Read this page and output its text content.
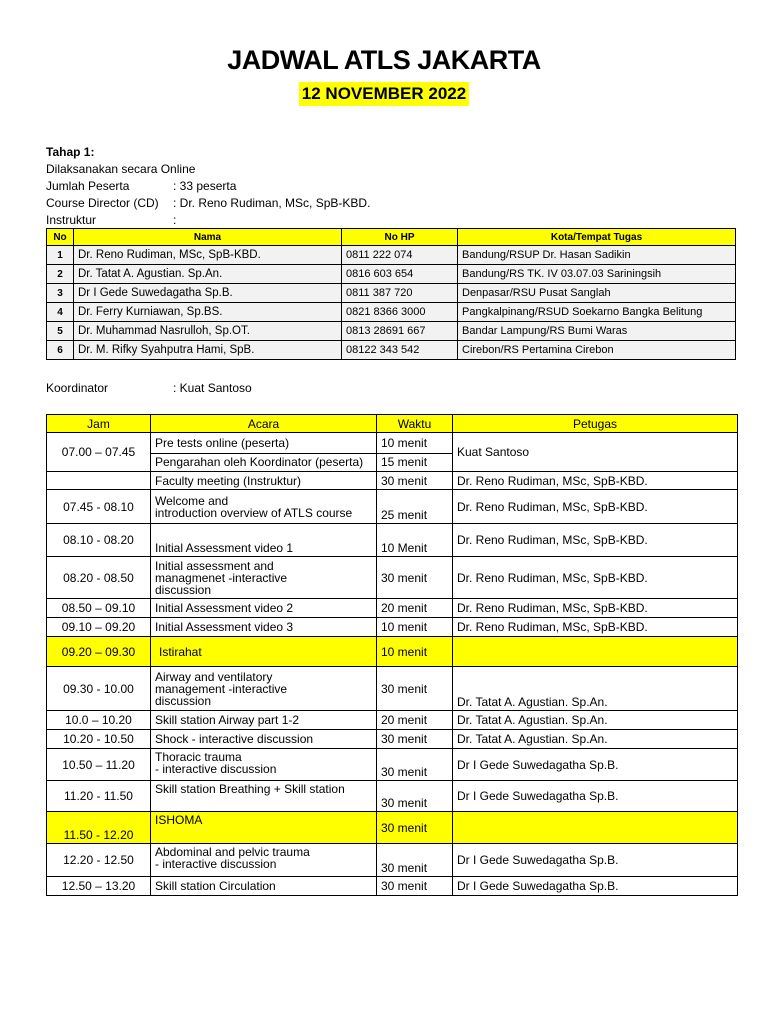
JADWAL ATLS JAKARTA
12 NOVEMBER 2022
Tahap 1:
Dilaksanakan secara Online
Jumlah Peserta	: 33 peserta
Course Director (CD)	: Dr. Reno Rudiman, MSc, SpB-KBD.
Instruktur	:
No	Nama	No HP	Kota/Tempat Tugas
1	Dr. Reno Rudiman, MSc, SpB-KBD.	0811 222 074	Bandung/RSUP Dr. Hasan Sadikin
2	Dr. Tatat A. Agustian. Sp.An.	0816 603 654	Bandung/RS TK. IV 03.07.03 Sariningsih
3	Dr I Gede Suwedagatha Sp.B.	0811 387 720	Denpasar/RSU Pusat Sanglah
4	Dr. Ferry Kurniawan, Sp.BS.	0821 8366 3000	Pangkalpinang/RSUD Soekarno Bangka Belitung
5	Dr. Muhammad Nasrulloh, Sp.OT.	0813 28691 667	Bandar Lampung/RS Bumi Waras
6	Dr. M. Rifky Syahputra Hami, SpB.	08122 343 542	Cirebon/RS Pertamina Cirebon
Koordinator	: Kuat Santoso
Jam	Acara	Waktu	Petugas
07.00 – 07.45	Pre tests online (peserta)	10 menit	Kuat Santoso
	Pengarahan oleh Koordinator (peserta)	15 menit	
	Faculty meeting (Instruktur)	30 menit	Dr. Reno Rudiman, MSc, SpB-KBD.
07.45 - 08.10	Welcome and
introduction overview of ATLS course	25 menit	Dr. Reno Rudiman, MSc, SpB-KBD.
08.10 - 08.20	Initial Assessment video 1	10 Menit	Dr. Reno Rudiman, MSc, SpB-KBD.
08.20 - 08.50	Initial assessment and
managmenet -interactive
discussion	30 menit	Dr. Reno Rudiman, MSc, SpB-KBD.
08.50 – 09.10	Initial Assessment video 2	20 menit	Dr. Reno Rudiman, MSc, SpB-KBD.
09.10 – 09.20	Initial Assessment video 3	10 menit	Dr. Reno Rudiman, MSc, SpB-KBD.
09.20 – 09.30	Istirahat	10 menit	
09.30 - 10.00	Airway and ventilatory
management -interactive
discussion	30 menit	Dr. Tatat A. Agustian. Sp.An.
10.0 – 10.20	Skill station Airway part 1-2	20 menit	Dr. Tatat A. Agustian. Sp.An.
10.20 - 10.50	Shock - interactive discussion	30 menit	Dr. Tatat A. Agustian. Sp.An.
10.50 – 11.20	Thoracic trauma
- interactive discussion	30 menit	Dr I Gede Suwedagatha Sp.B.
11.20 - 11.50	Skill station Breathing + Skill station	30 menit	Dr I Gede Suwedagatha Sp.B.
11.50 - 12.20	ISHOMA	30 menit	
12.20 - 12.50	Abdominal and pelvic trauma
- interactive discussion	30 menit	Dr I Gede Suwedagatha Sp.B.
12.50 – 13.20	Skill station Circulation	30 menit	Dr I Gede Suwedagatha Sp.B.
